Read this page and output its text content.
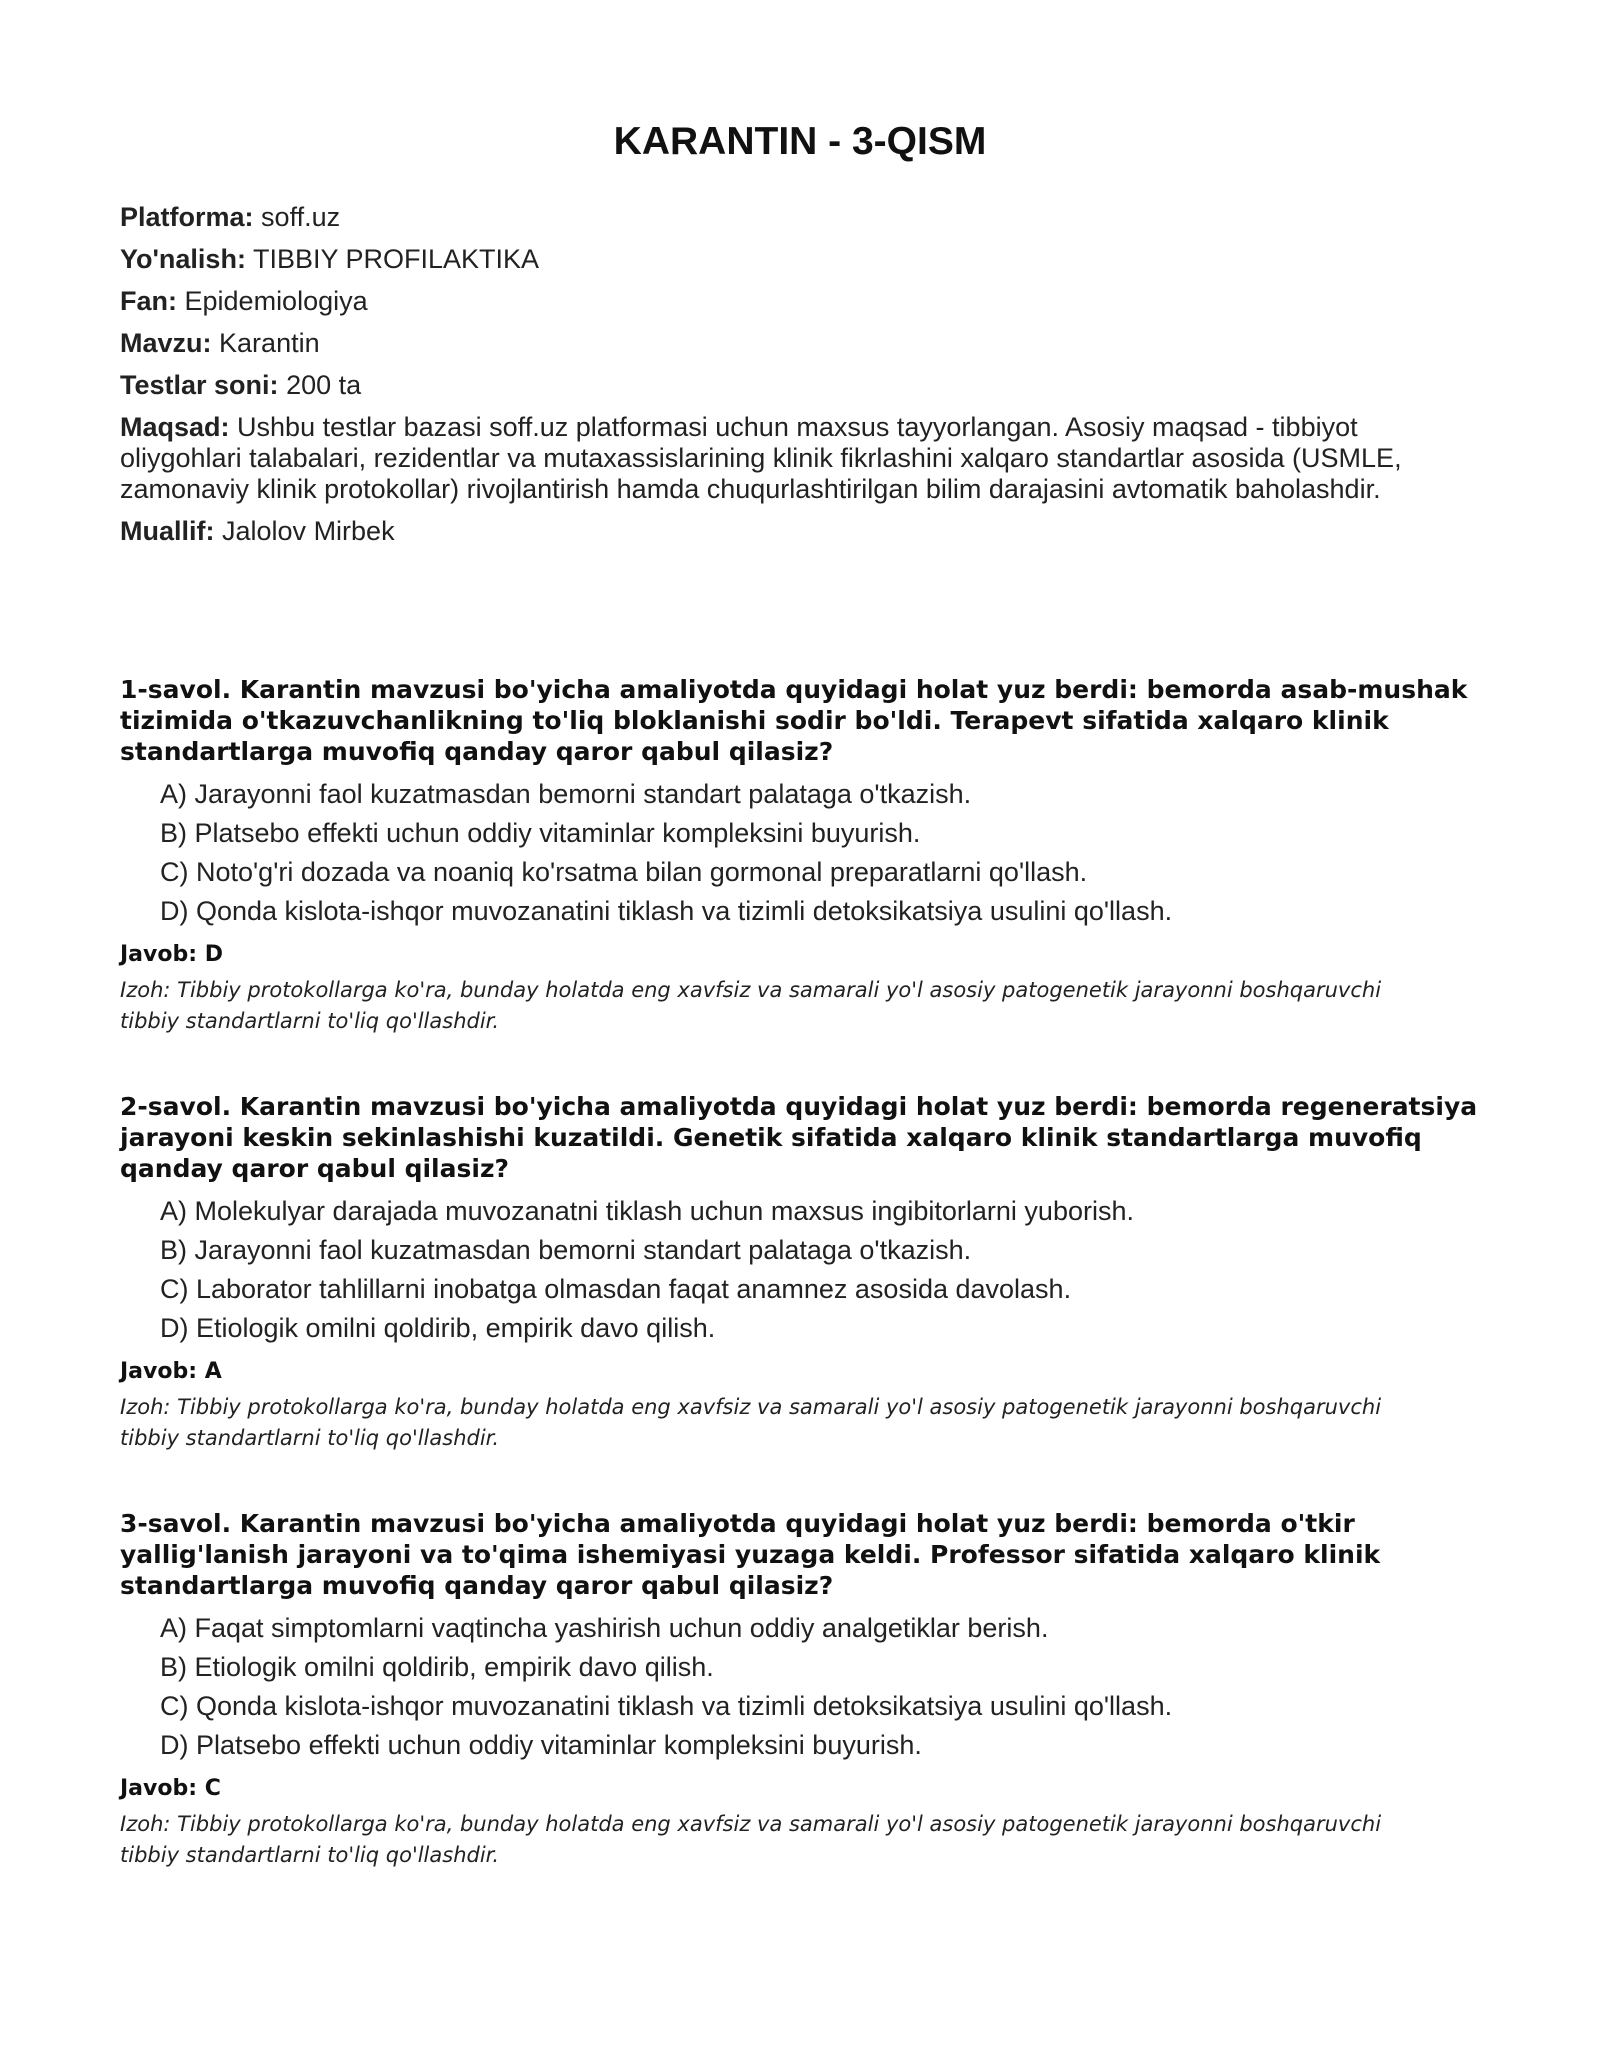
KARANTIN - 3-QISM

Platforma: soff.uz

Yo'nalish: TIBBIY PROFILAKTIKA

Fan: Epidemiologiya

Mavzu: Karantin

Testlar soni: 200 ta

Maqsad: Ushbu testlar bazasi soff.uz platformasi uchun maxsus tayyorlangan. Asosiy maqsad - tibbiyot oliygohlari talabalari, rezidentlar va mutaxassislarining klinik fikrlashini xalqaro standartlar asosida (USMLE, zamonaviy klinik protokollar) rivojlantirish hamda chuqurlashtirilgan bilim darajasini avtomatik baholashdir.

Muallif: Jalolov Mirbek

1-savol. Karantin mavzusi bo'yicha amaliyotda quyidagi holat yuz berdi: bemorda asab-mushak tizimida o'tkazuvchanlikning to'liq bloklanishi sodir bo'ldi. Terapevt sifatida xalqaro klinik standartlarga muvofiq qanday qaror qabul qilasiz?

A) Jarayonni faol kuzatmasdan bemorni standart palataga o'tkazish.
B) Platsebo effekti uchun oddiy vitaminlar kompleksini buyurish.
C) Noto'g'ri dozada va noaniq ko'rsatma bilan gormonal preparatlarni qo'llash.
D) Qonda kislota-ishqor muvozanatini tiklash va tizimli detoksikatsiya usulini qo'llash.

Javob: D

Izoh: Tibbiy protokollarga ko'ra, bunday holatda eng xavfsiz va samarali yo'l asosiy patogenetik jarayonni boshqaruvchi tibbiy standartlarni to'liq qo'llashdir.

2-savol. Karantin mavzusi bo'yicha amaliyotda quyidagi holat yuz berdi: bemorda regeneratsiya jarayoni keskin sekinlashishi kuzatildi. Genetik sifatida xalqaro klinik standartlarga muvofiq qanday qaror qabul qilasiz?

A) Molekulyar darajada muvozanatni tiklash uchun maxsus ingibitorlarni yuborish.
B) Jarayonni faol kuzatmasdan bemorni standart palataga o'tkazish.
C) Laborator tahlillarni inobatga olmasdan faqat anamnez asosida davolash.
D) Etiologik omilni qoldirib, empirik davo qilish.

Javob: A

Izoh: Tibbiy protokollarga ko'ra, bunday holatda eng xavfsiz va samarali yo'l asosiy patogenetik jarayonni boshqaruvchi tibbiy standartlarni to'liq qo'llashdir.

3-savol. Karantin mavzusi bo'yicha amaliyotda quyidagi holat yuz berdi: bemorda o'tkir yallig'lanish jarayoni va to'qima ishemiyasi yuzaga keldi. Professor sifatida xalqaro klinik standartlarga muvofiq qanday qaror qabul qilasiz?

A) Faqat simptomlarni vaqtincha yashirish uchun oddiy analgetiklar berish.
B) Etiologik omilni qoldirib, empirik davo qilish.
C) Qonda kislota-ishqor muvozanatini tiklash va tizimli detoksikatsiya usulini qo'llash.
D) Platsebo effekti uchun oddiy vitaminlar kompleksini buyurish.

Javob: C

Izoh: Tibbiy protokollarga ko'ra, bunday holatda eng xavfsiz va samarali yo'l asosiy patogenetik jarayonni boshqaruvchi tibbiy standartlarni to'liq qo'llashdir.
